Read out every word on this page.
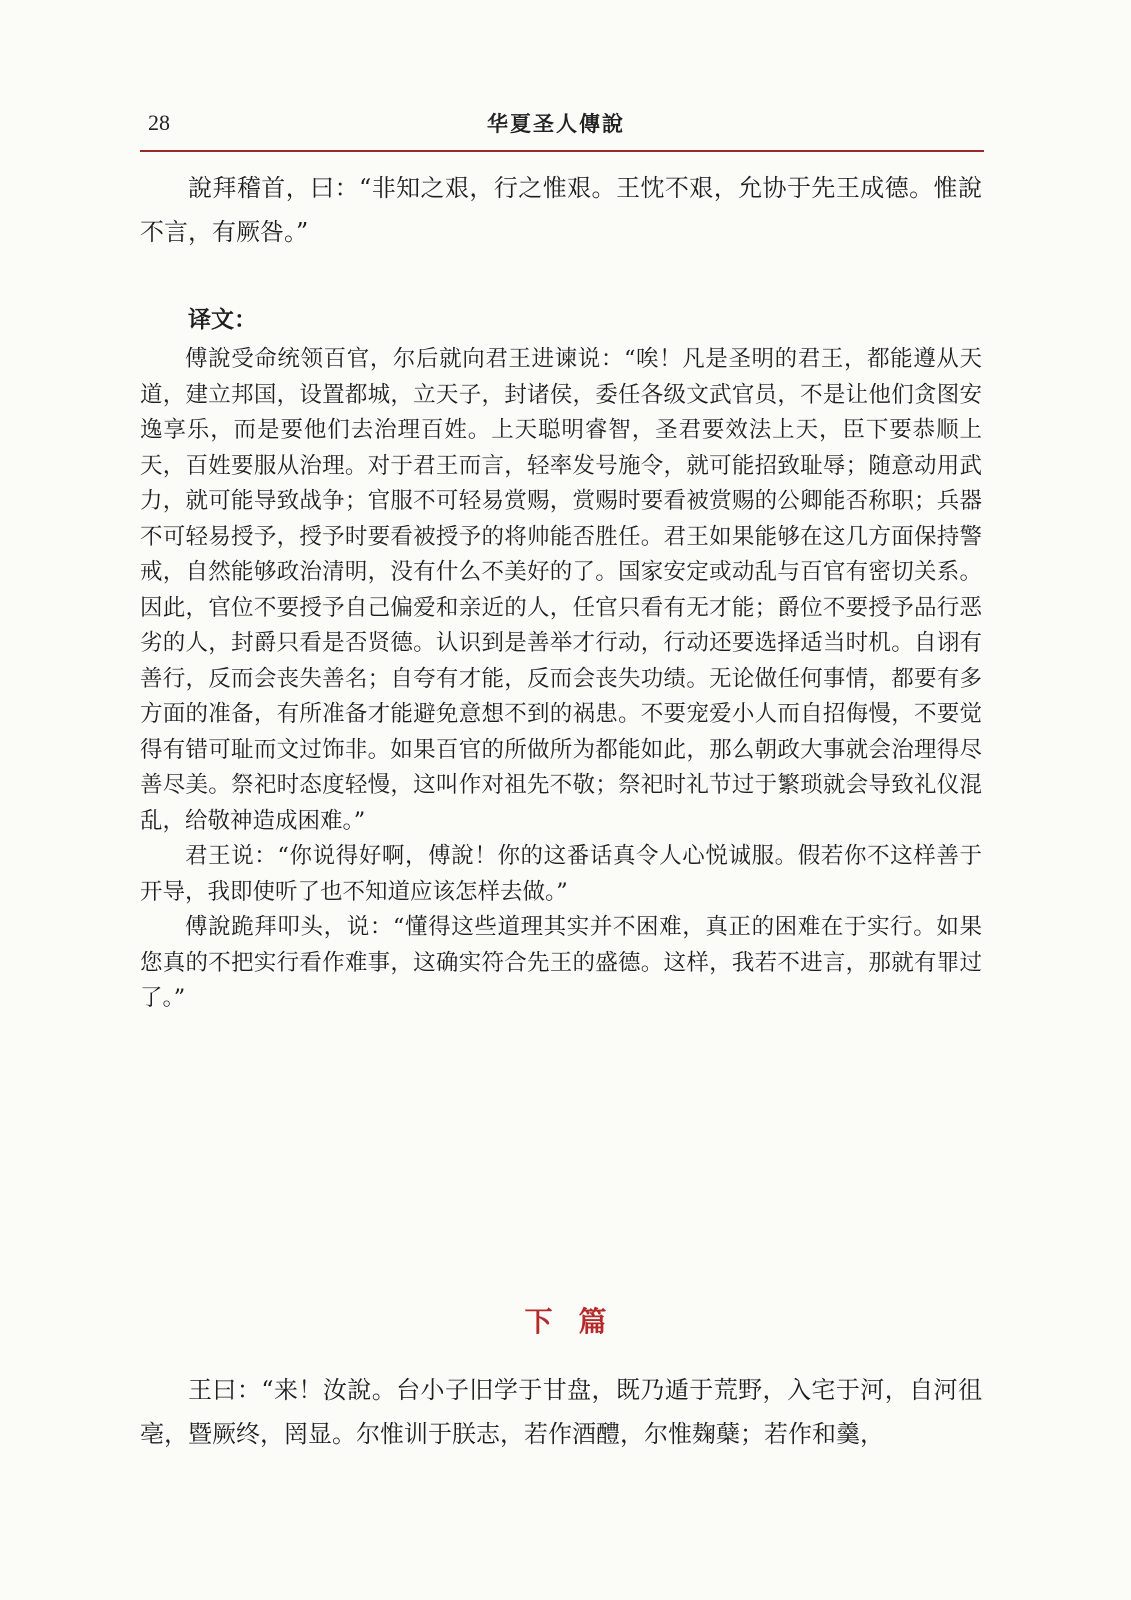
28	华夏圣人傳說

說拜稽首，曰：“非知之艰，行之惟艰。王忱不艰，允协于先王成德。惟說不言，有厥咎。”

译文：

傅說受命统领百官，尔后就向君王进谏说：“唉！凡是圣明的君王，都能遵从天道，建立邦国，设置都城，立天子，封诸侯，委任各级文武官员，不是让他们贪图安逸享乐，而是要他们去治理百姓。上天聪明睿智，圣君要效法上天，臣下要恭顺上天，百姓要服从治理。对于君王而言，轻率发号施令，就可能招致耻辱；随意动用武力，就可能导致战争；官服不可轻易赏赐，赏赐时要看被赏赐的公卿能否称职；兵器不可轻易授予，授予时要看被授予的将帅能否胜任。君王如果能够在这几方面保持警戒，自然能够政治清明，没有什么不美好的了。国家安定或动乱与百官有密切关系。因此，官位不要授予自己偏爱和亲近的人，任官只看有无才能；爵位不要授予品行恶劣的人，封爵只看是否贤德。认识到是善举才行动，行动还要选择适当时机。自诩有善行，反而会丧失善名；自夸有才能，反而会丧失功绩。无论做任何事情，都要有多方面的准备，有所准备才能避免意想不到的祸患。不要宠爱小人而自招侮慢，不要觉得有错可耻而文过饰非。如果百官的所做所为都能如此，那么朝政大事就会治理得尽善尽美。祭祀时态度轻慢，这叫作对祖先不敬；祭祀时礼节过于繁琐就会导致礼仪混乱，给敬神造成困难。”

君王说：“你说得好啊，傅說！你的这番话真令人心悦诚服。假若你不这样善于开导，我即使听了也不知道应该怎样去做。”

傅說跪拜叩头，说：“懂得这些道理其实并不困难，真正的困难在于实行。如果您真的不把实行看作难事，这确实符合先王的盛德。这样，我若不进言，那就有罪过了。”

下篇

王曰：“来！汝說。台小子旧学于甘盘，既乃遁于荒野，入宅于河，自河徂亳，暨厥终，罔显。尔惟训于朕志，若作酒醴，尔惟麹蘖；若作和羹，
